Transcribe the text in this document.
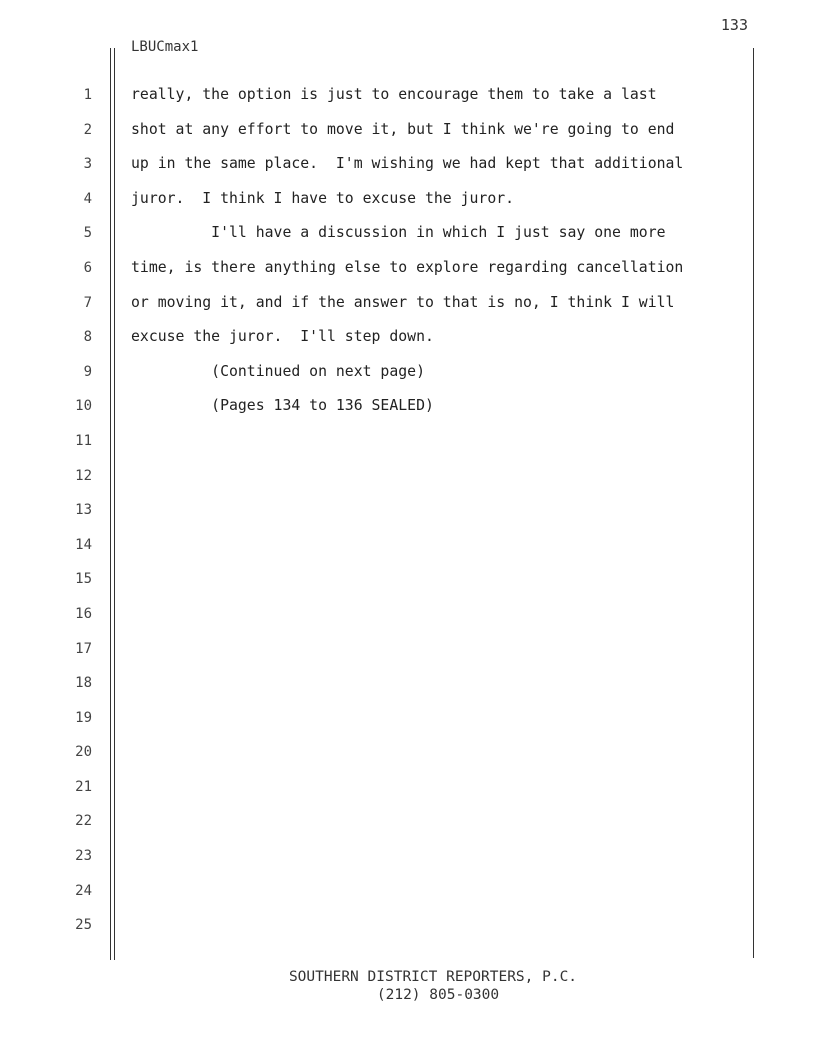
133
LBUCmax1
1
2
3
4
5
6
7
8
9
10
11
12
13
14
15
16
17
18
19
20
21
22
23
24
25
really, the option is just to encourage them to take a last
shot at any effort to move it, but I think we're going to end
up in the same place.  I'm wishing we had kept that additional
juror.  I think I have to excuse the juror.
I'll have a discussion in which I just say one more
time, is there anything else to explore regarding cancellation
or moving it, and if the answer to that is no, I think I will
excuse the juror.  I'll step down.
(Continued on next page)
(Pages 134 to 136 SEALED)
SOUTHERN DISTRICT REPORTERS, P.C.
(212) 805-0300
